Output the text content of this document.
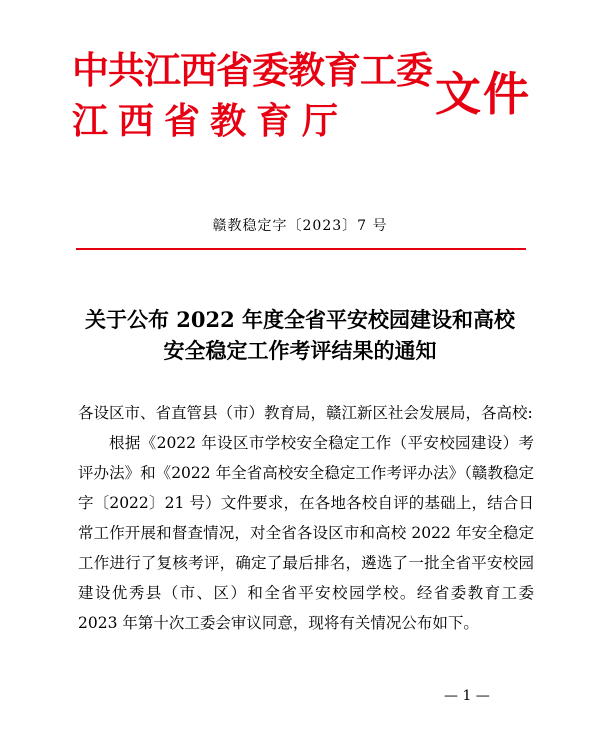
中共江西省委教育工委
江西省教育厅 文件
赣教稳定字〔2023〕7 号
关于公布 2022 年度全省平安校园建设和高校
安全稳定工作考评结果的通知

各设区市、省直管县（市）教育局，赣江新区社会发展局，各高校:

根据《2022 年设区市学校安全稳定工作（平安校园建设）考评办法》和《2022 年全省高校安全稳定工作考评办法》（赣教稳定字〔2022〕21 号）文件要求，在各地各校自评的基础上，结合日常工作开展和督查情况，对全省各设区市和高校 2022 年安全稳定工作进行了复核考评，确定了最后排名，遴选了一批全省平安校园建设优秀县（市、区）和全省平安校园学校。经省委教育工委 2023 年第十次工委会审议同意，现将有关情况公布如下。

— 1 —
